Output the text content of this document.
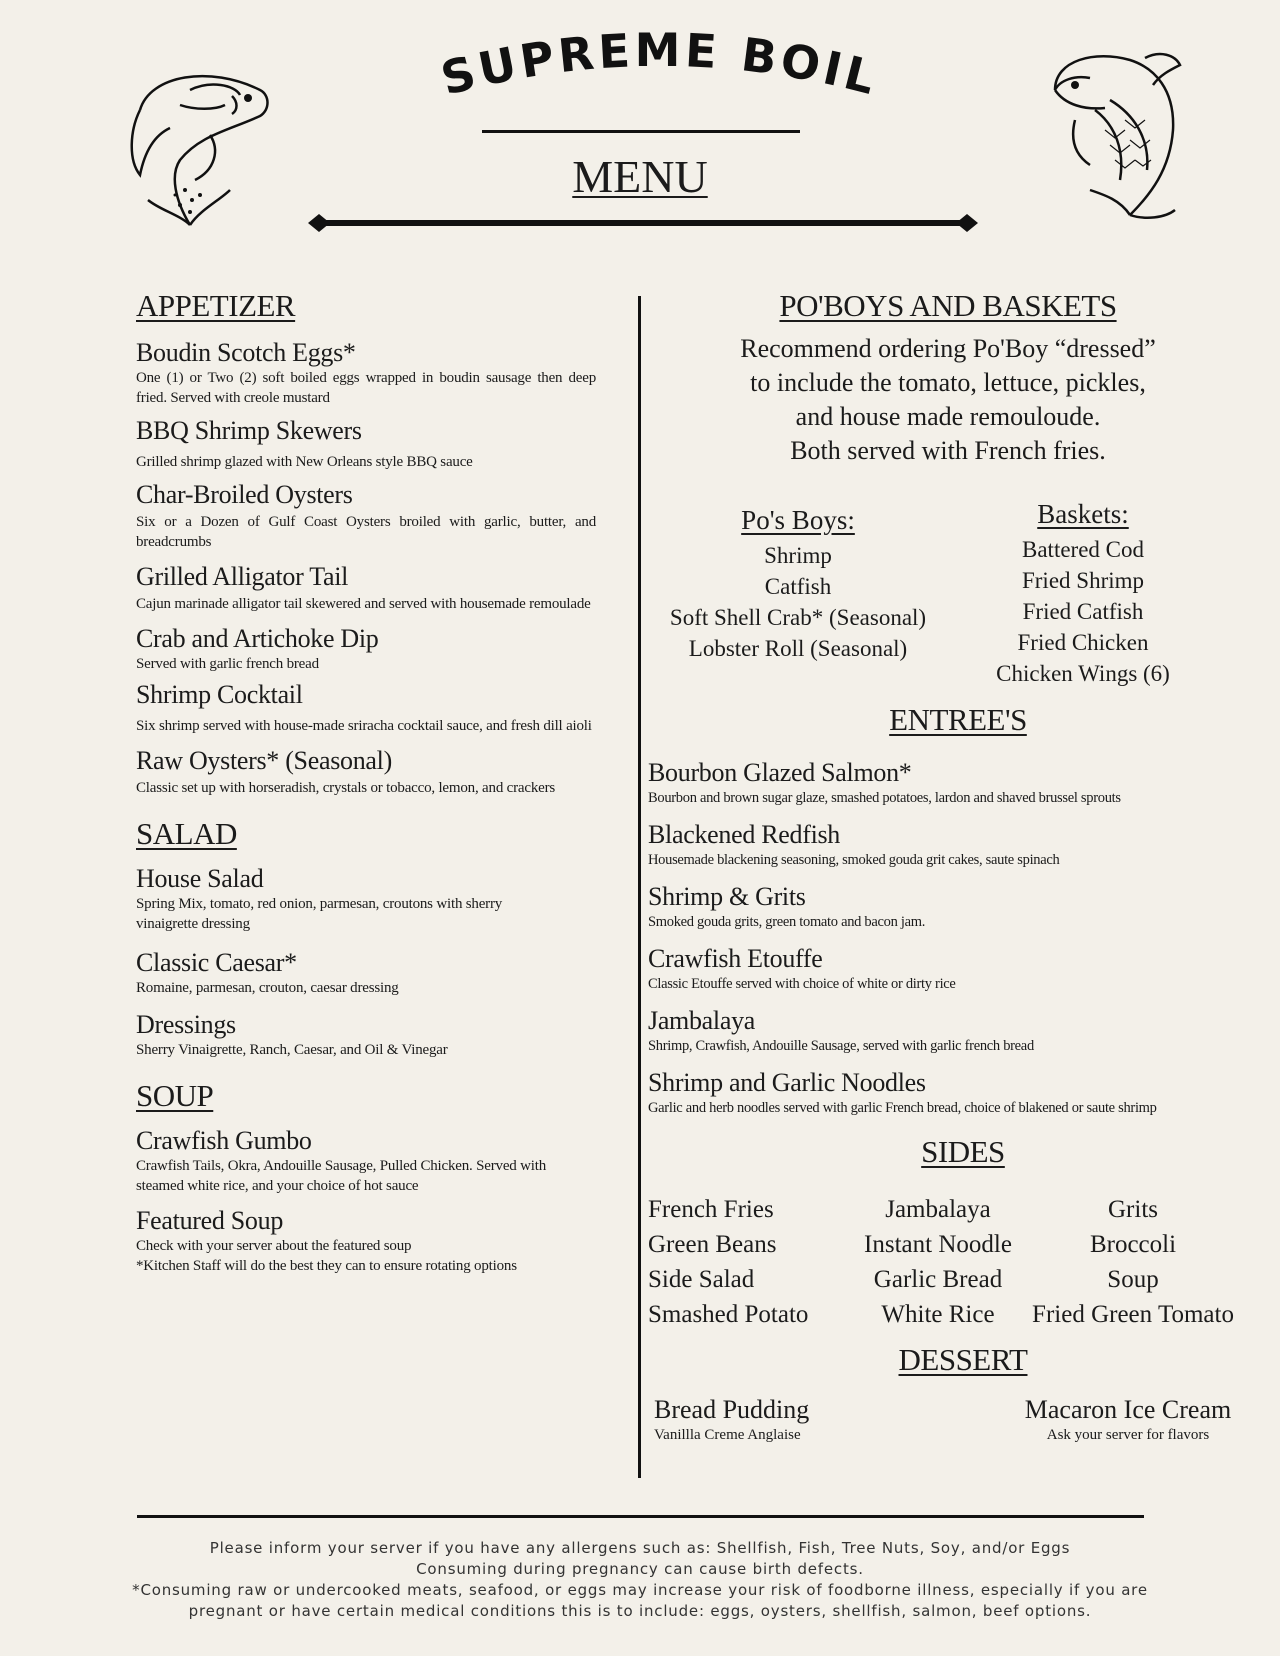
SUPREME BOIL
MENU
APPETIZER
Boudin Scotch Eggs*
One (1) or Two (2) soft boiled eggs wrapped in boudin sausage then deep fried. Served with creole mustard
BBQ Shrimp Skewers
Grilled shrimp glazed with New Orleans style BBQ sauce
Char-Broiled Oysters
Six or a Dozen of Gulf Coast Oysters broiled with garlic, butter, and breadcrumbs
Grilled Alligator Tail
Cajun marinade alligator tail skewered and served with housemade remoulade
Crab and Artichoke Dip
Served with garlic french bread
Shrimp Cocktail
Six shrimp served with house-made sriracha cocktail sauce, and fresh dill aioli
Raw Oysters* (Seasonal)
Classic set up with horseradish, crystals or tobacco, lemon, and crackers
SALAD
House Salad
Spring Mix, tomato, red onion, parmesan, croutons with sherry vinaigrette dressing
Classic Caesar*
Romaine, parmesan, crouton, caesar dressing
Dressings
Sherry Vinaigrette, Ranch, Caesar, and Oil & Vinegar
SOUP
Crawfish Gumbo
Crawfish Tails, Okra, Andouille Sausage, Pulled Chicken. Served with steamed white rice, and your choice of hot sauce
Featured Soup
Check with your server about the featured soup
*Kitchen Staff will do the best they can to ensure rotating options
PO'BOYS AND BASKETS
Recommend ordering Po'Boy “dressed”
to include the tomato, lettuce, pickles,
and house made remouloude.
Both served with French fries.
Po's Boys:
Shrimp
Catfish
Soft Shell Crab* (Seasonal)
Lobster Roll (Seasonal)
Baskets:
Battered Cod
Fried Shrimp
Fried Catfish
Fried Chicken
Chicken Wings (6)
ENTREE'S
Bourbon Glazed Salmon*
Bourbon and brown sugar glaze, smashed potatoes, lardon and shaved brussel sprouts
Blackened Redfish
Housemade blackening seasoning, smoked gouda grit cakes, saute spinach
Shrimp & Grits
Smoked gouda grits, green tomato and bacon jam.
Crawfish Etouffe
Classic Etouffe served with choice of white or dirty rice
Jambalaya
Shrimp, Crawfish, Andouille Sausage, served with garlic french bread
Shrimp and Garlic Noodles
Garlic and herb noodles served with garlic French bread, choice of blakened or saute shrimp
SIDES
French Fries
Green Beans
Side Salad
Smashed Potato
Jambalaya
Instant Noodle
Garlic Bread
White Rice
Grits
Broccoli
Soup
Fried Green Tomato
DESSERT
Bread Pudding
Vanillla Creme Anglaise
Macaron Ice Cream
Ask your server for flavors
Please inform your server if you have any allergens such as: Shellfish, Fish, Tree Nuts, Soy, and/or Eggs
Consuming during pregnancy can cause birth defects.
*Consuming raw or undercooked meats, seafood, or eggs may increase your risk of foodborne illness, especially if you are pregnant or have certain medical conditions this is to include: eggs, oysters, shellfish, salmon, beef options.
